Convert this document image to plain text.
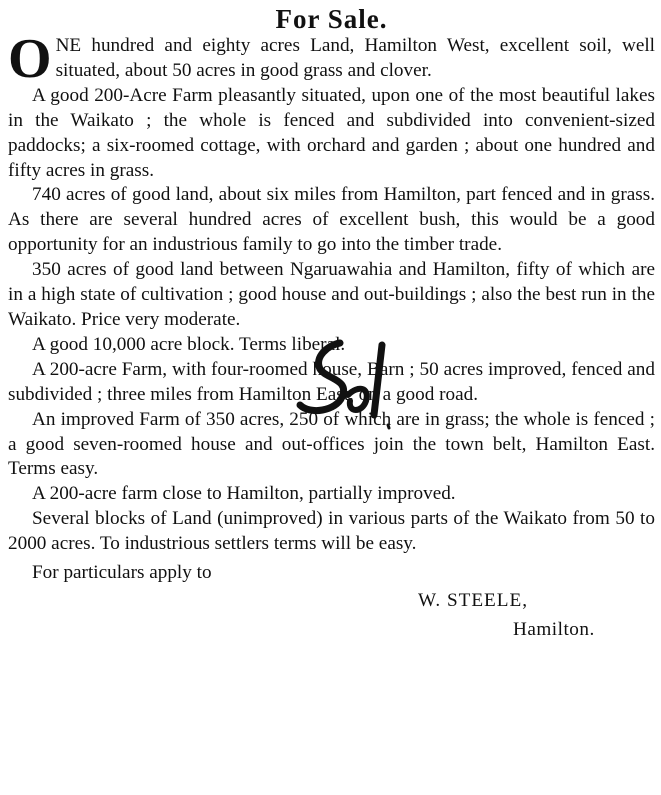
For Sale.

ONE hundred and eighty acres Land, Hamilton West, excellent soil, well situated, about 50 acres in good grass and clover.

A good 200-Acre Farm pleasantly situated, upon one of the most beautiful lakes in the Waikato ; the whole is fenced and subdivided into convenient-sized paddocks; a six-roomed cottage, with orchard and garden ; about one hundred and fifty acres in grass.

740 acres of good land, about six miles from Hamilton, part fenced and in grass. As there are several hundred acres of excellent bush, this would be a good opportunity for an industrious family to go into the timber trade.

350 acres of good land between Ngaruawahia and Hamilton, fifty of which are in a high state of cultivation ; good house and out-buildings ; also the best run in the Waikato. Price very moderate.

A good 10,000 acre block. Terms liberal.

A 200-acre Farm, with four-roomed house, Barn ; 50 acres improved, fenced and subdivided ; three miles from Hamilton East, on a good road.

An improved Farm of 350 acres, 250 of which are in grass; the whole is fenced ; a good seven-roomed house and out-offices join the town belt, Hamilton East. Terms easy.

A 200-acre farm close to Hamilton, partially improved.

Several blocks of Land (unimproved) in various parts of the Waikato from 50 to 2000 acres. To industrious settlers terms will be easy.

For particulars apply to

W. STEELE,
Hamilton.
